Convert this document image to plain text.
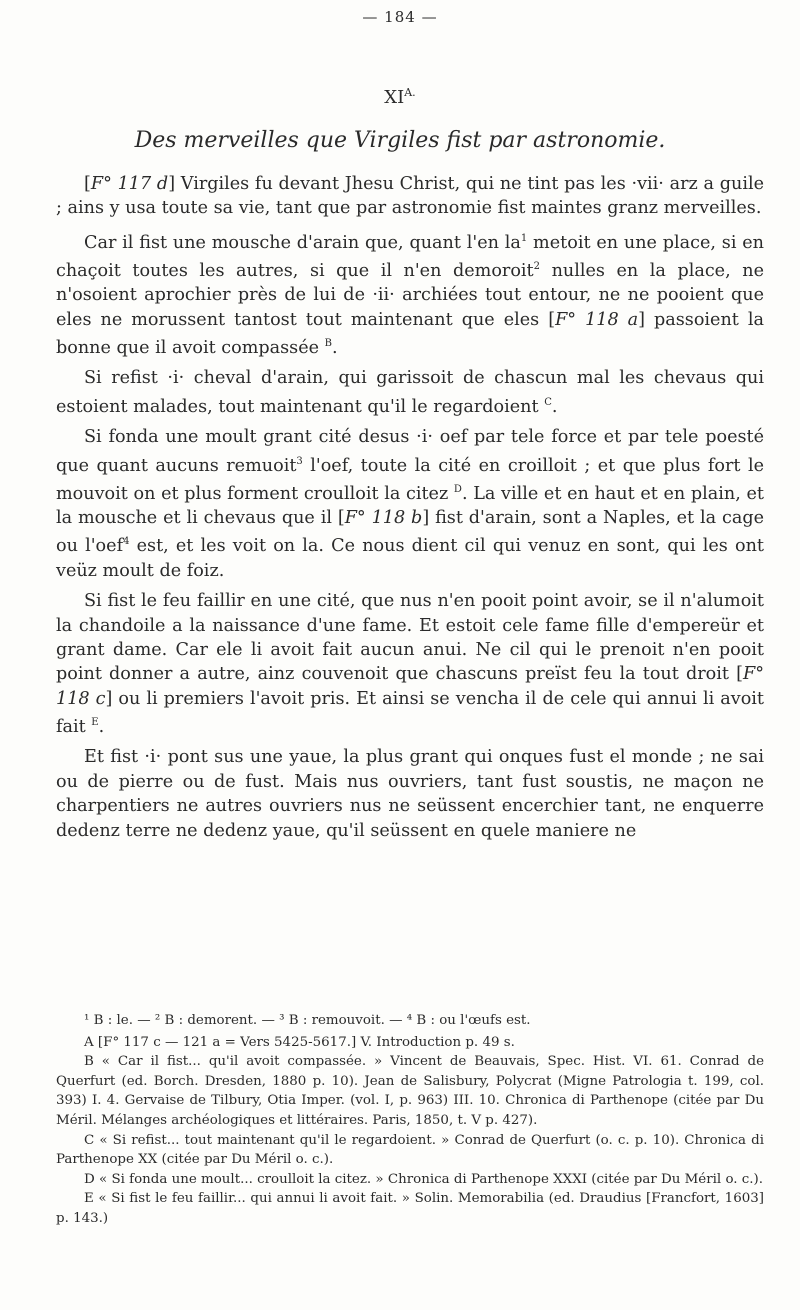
— 184 —
$XI^{A.}$
Des merveilles que Virgiles fist par astronomie.

[F° 117 d] Virgiles fu devant Jhesu Christ, qui ne tint pas les ·vii· arz a guile ; ains y usa toute sa vie, tant que par astronomie fist maintes granz merveilles.

Car il fist une mousche d'arain que, quant l'en $la^1$ metoit en une place, si en chaçoit toutes les autres, si que il n'en demoroit$^2$ nulles en la place, ne n'osoient aprochier près de lui de ·ii· archiées tout entour, ne ne pooient que eles ne morussent tantost tout maintenant que eles [F° 118 a] passoient la bonne que il avoit compassée $^B$.

Si refist ·i· cheval d'arain, qui garissoit de chascun mal les chevaus qui estoient malades, tout maintenant qu'il le regardoient $^C$.

Si fonda une moult grant cité desus ·i· oef par tele force et par tele poesté que quant aucuns remuoit$^3$ l'oef, toute la cité en croilloit ; et que plus fort le mouvoit on et plus forment croulloit la citez $^D$. La ville et en haut et en plain, et la mousche et li chevaus que il [F° 118 b] fist d'arain, sont a Naples, et la cage ou l'oef$^4$ est, et les voit on la. Ce nous dient cil qui venuz en sont, qui les ont veüz moult de foiz.

Si fist le feu faillir en une cité, que nus n'en pooit point avoir, se il n'alumoit la chandoile a la naissance d'une fame. Et estoit cele fame fille d'empereür et grant dame. Car ele li avoit fait aucun anui. Ne cil qui le prenoit n'en pooit point donner a autre, ainz couvenoit que chascuns preïst feu la tout droit [F° 118 c] ou li premiers l'avoit pris. Et ainsi se vencha il de cele qui annui li avoit fait $^E$.

Et fist ·i· pont sus une yaue, la plus grant qui onques fust el monde ; ne sai ou de pierre ou de fust. Mais nus ouvriers, tant fust soustis, ne maçon ne charpentiers ne autres ouvriers nus ne seüssent encerchier tant, ne enquerre dedenz terre ne dedenz yaue, qu'il seüssent en quele maniere ne

¹ B : le. — ² B : demorent. — ³ B : remouvoit. — ⁴ B : ou l'œufs est.

A [F° 117 c — 121 a = Vers 5425-5617.] V. Introduction p. 49 s.

B « Car il fist... qu'il avoit compassée. » Vincent de Beauvais, Spec. Hist. VI. 61. Conrad de Querfurt (ed. Borch. Dresden, 1880 p. 10). Jean de Salisbury, Polycrat (Migne Patrologia t. 199, col. 393) I. 4. Gervaise de Tilbury, Otia Imper. (vol. I, p. 963) III. 10. Chronica di Parthenope (citée par Du Méril. Mélanges archéologiques et littéraires. Paris, 1850, t. V p. 427).

C « Si refist... tout maintenant qu'il le regardoient. » Conrad de Querfurt (o. c. p. 10). Chronica di Parthenope XX (citée par Du Méril o. c.).

D « Si fonda une moult... croulloit la citez. » Chronica di Parthenope XXXI (citée par Du Méril o. c.).

E « Si fist le feu faillir... qui annui li avoit fait. » Solin. Memorabilia (ed. Draudius [Francfort, 1603] p. 143.)
